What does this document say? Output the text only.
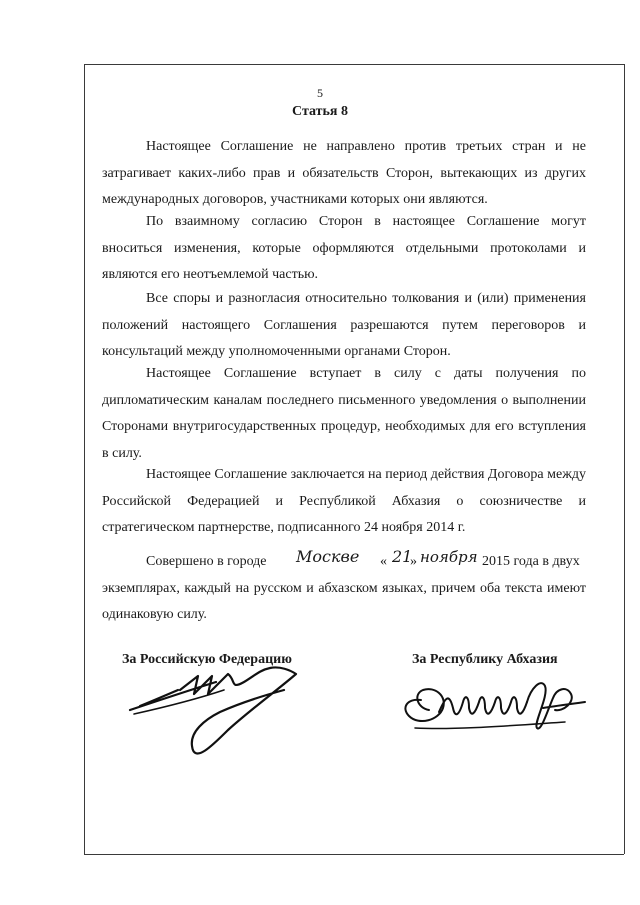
5
Статья 8

Настоящее Соглашение не направлено против третьих стран и не затрагивает каких-либо прав и обязательств Сторон, вытекающих из других международных договоров, участниками которых они являются.

По взаимному согласию Сторон в настоящее Соглашение могут вноситься изменения, которые оформляются отдельными протоколами и являются его неотъемлемой частью.

Все споры и разногласия относительно толкования и (или) применения положений настоящего Соглашения разрешаются путем переговоров и консультаций между уполномоченными органами Сторон.

Настоящее Соглашение вступает в силу с даты получения по дипломатическим каналам последнего письменного уведомления о выполнении Сторонами внутригосударственных процедур, необходимых для его вступления в силу.

Настоящее Соглашение заключается на период действия Договора между Российской Федерацией и Республикой Абхазия о союзничестве и стратегическом партнерстве, подписанного 24 ноября 2014 г.

Совершено в городе Москве « 21
» ноября 2015 года в двух
экземплярах, каждый на русском и абхазском языках, причем оба текста имеют одинаковую силу.
За Российскую Федерацию	За Республику Абхазия
